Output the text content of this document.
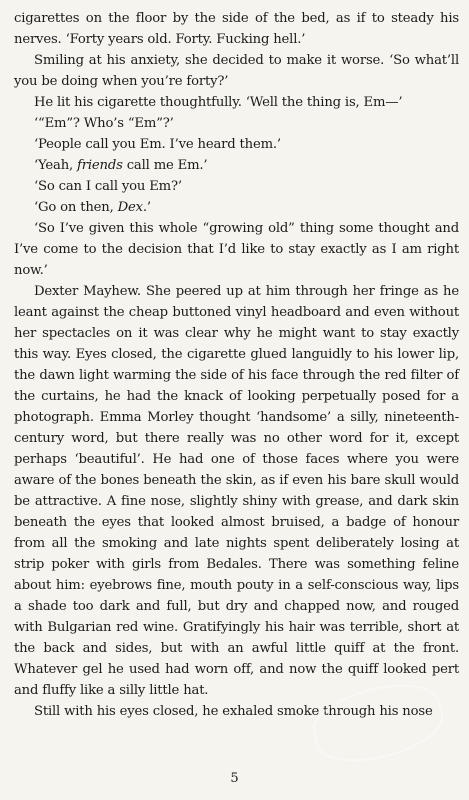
cigarettes on the floor by the side of the bed, as if to steady his nerves. ‘Forty years old. Forty. Fucking hell.’

Smiling at his anxiety, she decided to make it worse. ‘So what’ll you be doing when you’re forty?’

He lit his cigarette thoughtfully. ‘Well the thing is, Em—’

‘“Em”? Who’s “Em”?’

‘People call you Em. I’ve heard them.’

‘Yeah, friends call me Em.’

‘So can I call you Em?’

‘Go on then, Dex.’

‘So I’ve given this whole “growing old” thing some thought and I’ve come to the decision that I’d like to stay exactly as I am right now.’

Dexter Mayhew. She peered up at him through her fringe as he leant against the cheap buttoned vinyl headboard and even without her spectacles on it was clear why he might want to stay exactly this way. Eyes closed, the cigarette glued languidly to his lower lip, the dawn light warming the side of his face through the red filter of the curtains, he had the knack of looking perpetually posed for a photograph. Emma Morley thought ‘handsome’ a silly, nineteenth-century word, but there really was no other word for it, except perhaps ‘beautiful’. He had one of those faces where you were aware of the bones beneath the skin, as if even his bare skull would be attractive. A fine nose, slightly shiny with grease, and dark skin beneath the eyes that looked almost bruised, a badge of honour from all the smoking and late nights spent deliberately losing at strip poker with girls from Bedales. There was something feline about him: eyebrows fine, mouth pouty in a self-conscious way, lips a shade too dark and full, but dry and chapped now, and rouged with Bulgarian red wine. Gratifyingly his hair was terrible, short at the back and sides, but with an awful little quiff at the front. Whatever gel he used had worn off, and now the quiff looked pert and fluffy like a silly little hat.

Still with his eyes closed, he exhaled smoke through his nose

5
